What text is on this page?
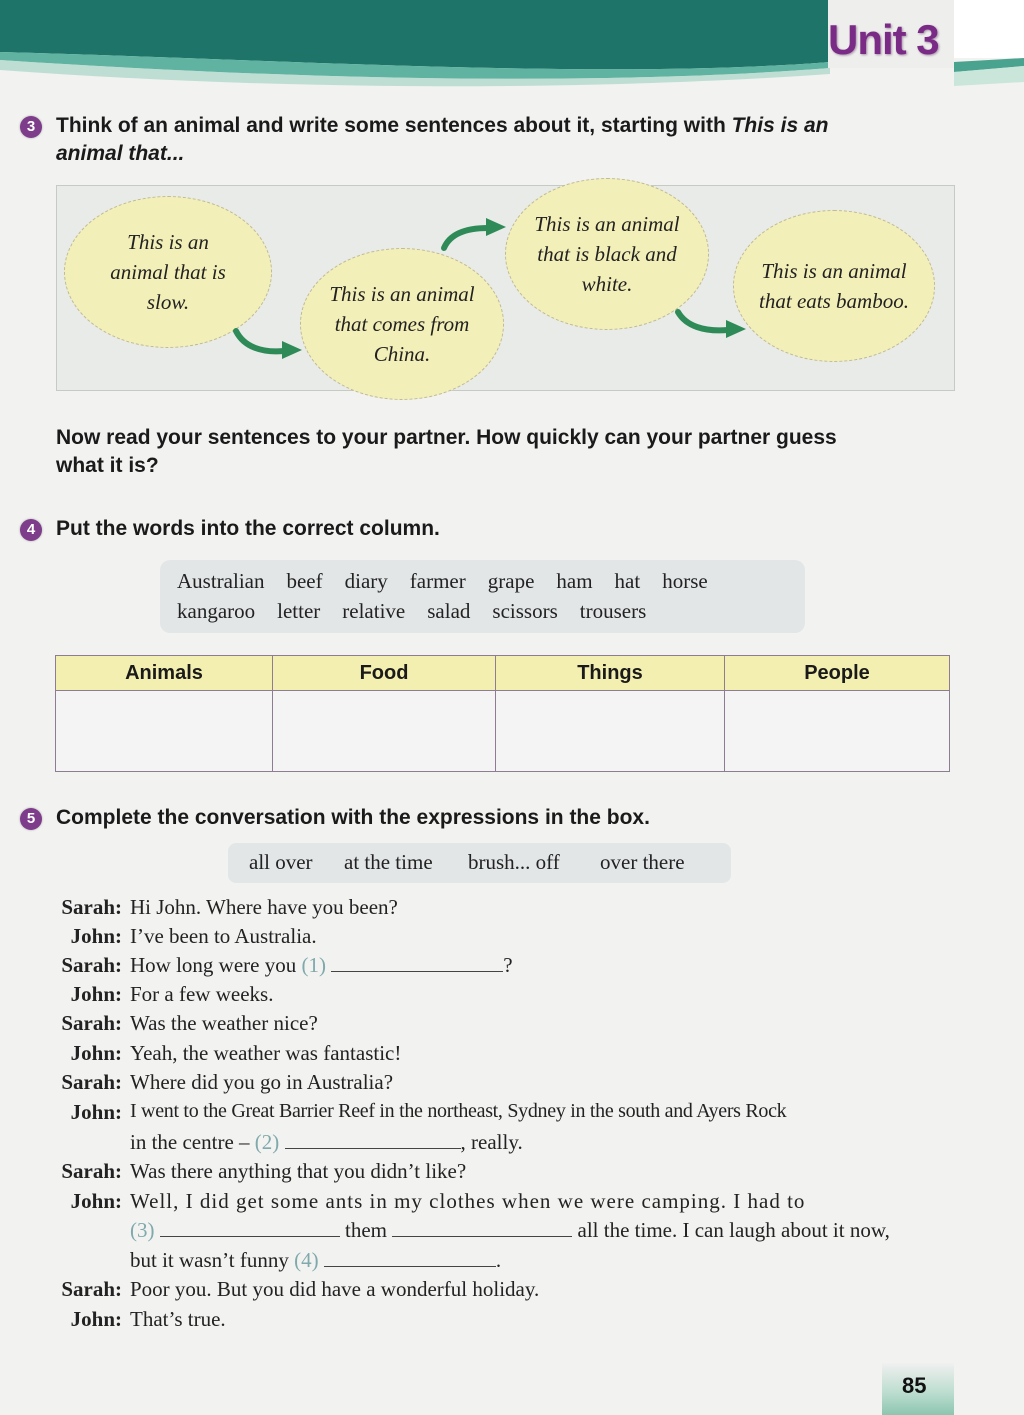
Unit 3
3 Think of an animal and write some sentences about it, starting with This is an
animal that...
This is an
animal that is
slow.	This is an animal
that comes from
China.
This is an animal
that is black and
white.
This is an animal
that eats bamboo.
Now read your sentences to your partner. How quickly can your partner guess
what it is?
4 Put the words into the correct column.
Australian beef diary farmer grape ham hat horse
kangaroo letter relative salad scissors trousers
Animals	Food	Things	People

5 Complete the conversation with the expressions in the box.
all over at the time brush... off over there
Sarah: Hi John. Where have you been?
John: I’ve been to Australia.
Sarah: How long were you (1)	?
John: For a few weeks.
Sarah: Was the weather nice?
John: Yeah, the weather was fantastic!
Sarah: Where did you go in Australia?
John: I went to the Great Barrier Reef in the northeast, Sydney in the south and Ayers Rock
in the centre – (2)	, really.
Sarah: Was there anything that you didn’t like?
John: Well, I did get some ants in my clothes when we were camping. I had to
(3)	them	all the time. I can laugh about it now,
but it wasn’t funny (4)	.
Sarah: Poor you. But you did have a wonderful holiday.
John: That’s true.
85
